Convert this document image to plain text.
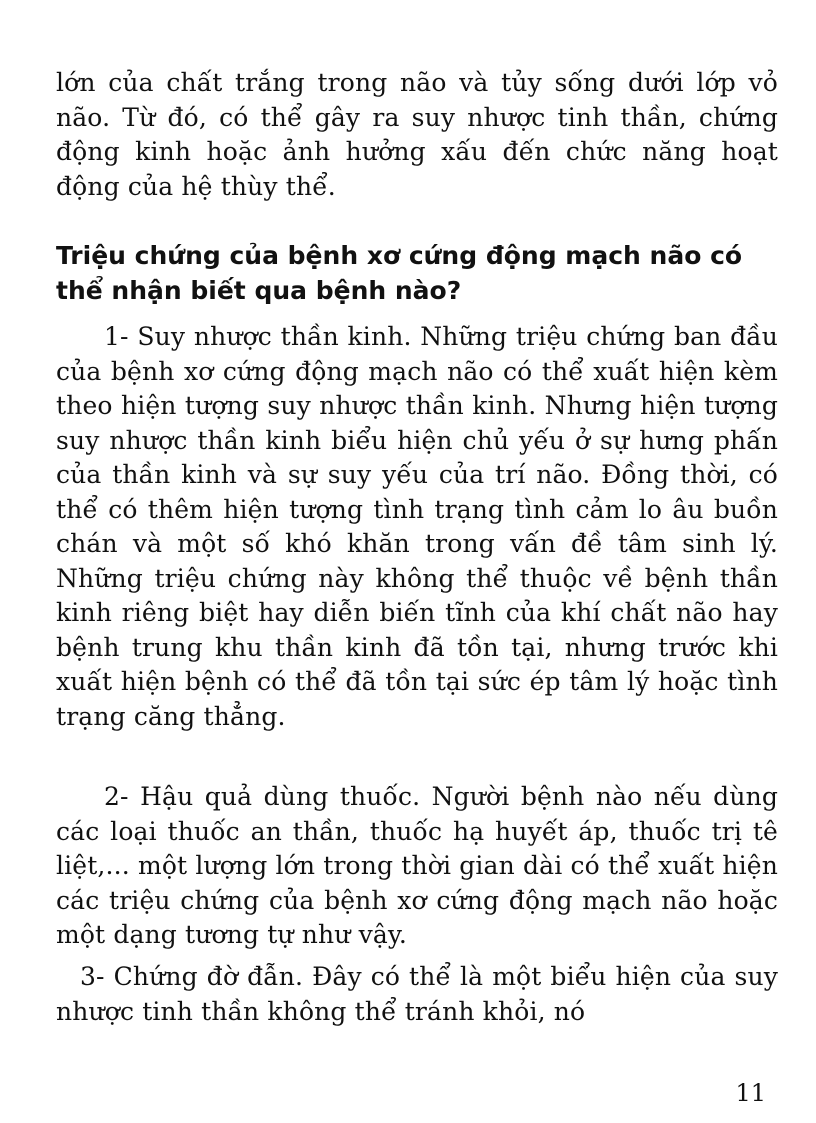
lớn của chất trắng trong não và tủy sống dưới lớp vỏ não. Từ đó, có thể gây ra suy nhược tinh thần, chứng động kinh hoặc ảnh hưởng xấu đến chức năng hoạt động của hệ thùy thể.

Triệu chứng của bệnh xơ cứng động mạch não có thể nhận biết qua bệnh nào?

1- Suy nhược thần kinh. Những triệu chứng ban đầu của bệnh xơ cứng động mạch não có thể xuất hiện kèm theo hiện tượng suy nhược thần kinh. Nhưng hiện tượng suy nhược thần kinh biểu hiện chủ yếu ở sự hưng phấn của thần kinh và sự suy yếu của trí não. Đồng thời, có thể có thêm hiện tượng tình trạng tình cảm lo âu buồn chán và một số khó khăn trong vấn đề tâm sinh lý. Những triệu chứng này không thể thuộc về bệnh thần kinh riêng biệt hay diễn biến tĩnh của khí chất não hay bệnh trung khu thần kinh đã tồn tại, nhưng trước khi xuất hiện bệnh có thể đã tồn tại sức ép tâm lý hoặc tình trạng căng thẳng.

2- Hậu quả dùng thuốc. Người bệnh nào nếu dùng các loại thuốc an thần, thuốc hạ huyết áp, thuốc trị tê liệt,... một lượng lớn trong thời gian dài có thể xuất hiện các triệu chứng của bệnh xơ cứng động mạch não hoặc một dạng tương tự như vậy.

3- Chứng đờ đẫn. Đây có thể là một biểu hiện của suy nhược tinh thần không thể tránh khỏi, nó

11
